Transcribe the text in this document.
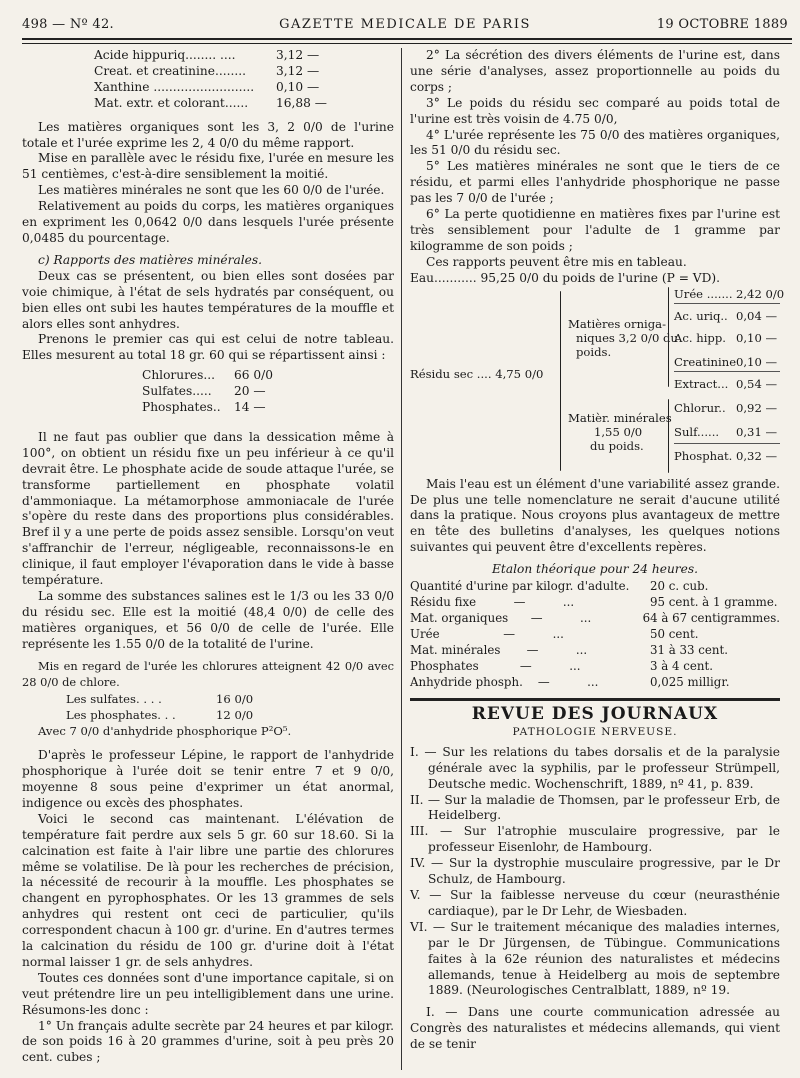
498 — Nº 42.	GAZETTE MEDICALE DE PARIS	19 OCTOBRE 1889
Acide hippuriq........ ....	3,12 —
Creat. et creatinine........	3,12 —
Xanthine ..........................	0,10 —
Mat. extr. et colorant......	16,88 —

Les matières organiques sont les 3, 2 0/0 de l'urine totale et l'urée exprime les 2, 4 0/0 du même rapport.

Mise en parallèle avec le résidu fixe, l'urée en mesure les 51 centièmes, c'est-à-dire sensiblement la moitié.

Les matières minérales ne sont que les 60 0/0 de l'urée.

Relativement au poids du corps, les matières organiques en expriment les 0,0642 0/0 dans lesquels l'urée présente 0,0485 du pourcentage.

c) Rapports des matières minérales.

Deux cas se présentent, ou bien elles sont dosées par voie chimique, à l'état de sels hydratés par conséquent, ou bien elles ont subi les hautes températures de la mouffle et alors elles sont anhydres.

Prenons le premier cas qui est celui de notre tableau. Elles mesurent au total 18 gr. 60 qui se répartissent ainsi :

Chlorures...	66 0/0
Sulfates.....	20 —
Phosphates..	14 —

Il ne faut pas oublier que dans la dessication même à 100°, on obtient un résidu fixe un peu inférieur à ce qu'il devrait être. Le phosphate acide de soude attaque l'urée, se transforme partiellement en phosphate volatil d'ammoniaque. La métamorphose ammoniacale de l'urée s'opère du reste dans des proportions plus considérables. Bref il y a une perte de poids assez sensible. Lorsqu'on veut s'affranchir de l'erreur, négligeable, reconnaissons-le en clinique, il faut employer l'évaporation dans le vide à basse température.

La somme des substances salines est le 1/3 ou les 33 0/0 du résidu sec. Elle est la moitié (48,4 0/0) de celle des matières organiques, et 56 0/0 de celle de l'urée. Elle représente les 1.55 0/0 de la totalité de l'urine.

Mis en regard de l'urée les chlorures atteignent 42 0/0 avec 28 0/0 de chlore.

Les sulfates. . . .	16 0/0
Les phosphates. . .	12 0/0

Avec 7 0/0 d'anhydride phosphorique P²O⁵.

D'après le professeur Lépine, le rapport de l'anhydride phosphorique à l'urée doit se tenir entre 7 et 9 0/0, moyenne 8 sous peine d'exprimer un état anormal, indigence ou excès des phosphates.

Voici le second cas maintenant. L'élévation de température fait perdre aux sels 5 gr. 60 sur 18.60. Si la calcination est faite à l'air libre une partie des chlorures même se volatilise. De là pour les recherches de précision, la nécessité de recourir à la mouffle. Les phosphates se changent en pyrophosphates. Or les 13 grammes de sels anhydres qui restent ont ceci de particulier, qu'ils correspondent chacun à 100 gr. d'urine. En d'autres termes la calcination du résidu de 100 gr. d'urine doit à l'état normal laisser 1 gr. de sels anhydres.

Toutes ces données sont d'une importance capitale, si on veut prétendre lire un peu intelligiblement dans une urine. Résumons-les donc :

1° Un français adulte secrète par 24 heures et par kilogr. de son poids 16 à 20 grammes d'urine, soit à peu près 20 cent. cubes ;

2° La sécrétion des divers éléments de l'urine est, dans une série d'analyses, assez proportionnelle au poids du corps ;

3° Le poids du résidu sec comparé au poids total de l'urine est très voisin de 4.75 0/0,

4° L'urée représente les 75 0/0 des matières organiques, les 51 0/0 du résidu sec.

5° Les matières minérales ne sont que le tiers de ce résidu, et parmi elles l'anhydride phosphorique ne passe pas les 7 0/0 de l'urée ;

6° La perte quotidienne en matières fixes par l'urine est très sensiblement pour l'adulte de 1 gramme par kilogramme de son poids ;

Ces rapports peuvent être mis en tableau.

Eau........... 95,25 0/0 du poids de l'urine (P = VD).

Résidu sec .... 4,75 0/0
Matières orniga-
niques 3,2 0/0 du
poids.
Urée ....... 2,42 0/0
Ac. uriq.. 0,04 —
Ac. hipp. 0,10 —
Creatinine 0,10 —
Extract... 0,54 —
Matièr. minérales
1,55 0/0
du poids.
Chlorur.. 0,92 —
Sulf...... 0,31 —
Phosphat. 0,32 —

Mais l'eau est un élément d'une variabilité assez grande. De plus une telle nomenclature ne serait d'aucune utilité dans la pratique. Nous croyons plus avantageux de mettre en tête des bulletins d'analyses, les quelques notions suivantes qui peuvent être d'excellents repères.

Etalon théorique pour 24 heures.

Quantité d'urine par kilogr. d'adulte.	20 c. cub.
Résidu fixe          —          ...	95 cent. à 1 gramme.
Mat. organiques      —          ...	64 à 67 centigrammes.
Urée                 —          ...	50 cent.
Mat. minérales       —          ...	31 à 33 cent.
Phosphates           —          ...	3 à 4 cent.
Anhydride phosph.    —          ...	0,025 milligr.
REVUE DES JOURNAUX
PATHOLOGIE NERVEUSE.

I. — Sur les relations du tabes dorsalis et de la paralysie générale avec la syphilis, par le professeur Strümpell, Deutsche medic. Wochenschrift, 1889, nº 41, p. 839.

II. — Sur la maladie de Thomsen, par le professeur Erb, de Heidelberg.

III. — Sur l'atrophie musculaire progressive, par le professeur Eisenlohr, de Hambourg.

IV. — Sur la dystrophie musculaire progressive, par le Dr Schulz, de Hambourg.

V. — Sur la faiblesse nerveuse du cœur (neurasthénie cardiaque), par le Dr Lehr, de Wiesbaden.

VI. — Sur le traitement mécanique des maladies internes, par le Dr Jürgensen, de Tübingue. Communications faites à la 62e réunion des naturalistes et médecins allemands, tenue à Heidelberg au mois de septembre 1889. (Neurologisches Centralblatt, 1889, nº 19.

I. — Dans une courte communication adressée au Congrès des naturalistes et médecins allemands, qui vient de se tenir
